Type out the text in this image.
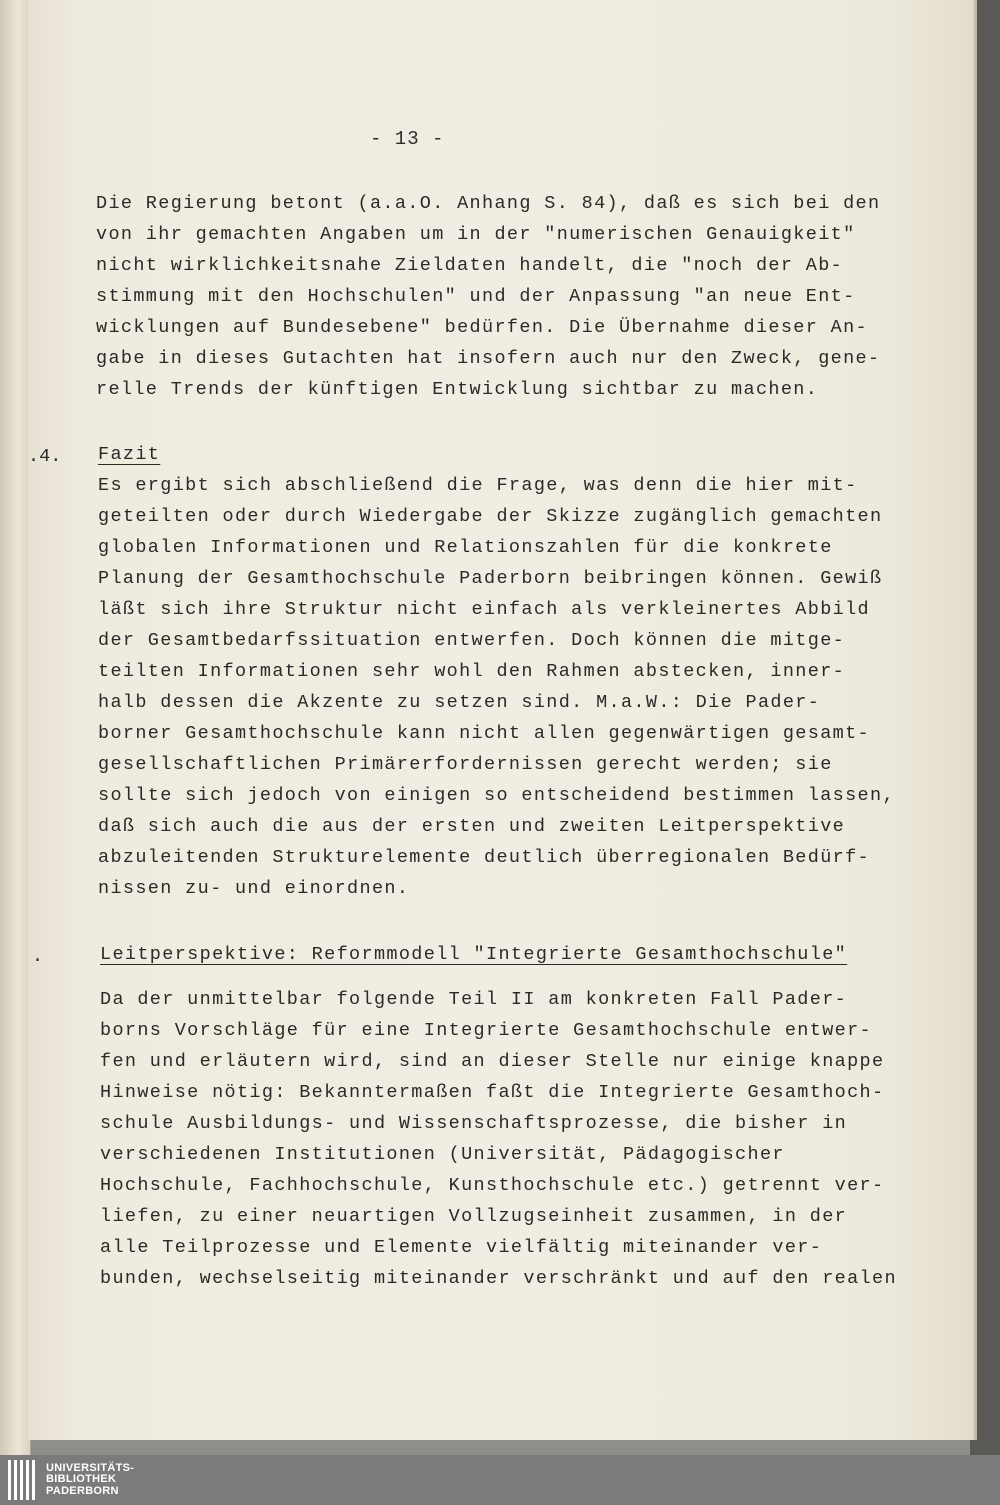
- 13 -
Die Regierung betont (a.a.O. Anhang S. 84), daß es sich bei den
von ihr gemachten Angaben um in der "numerischen Genauigkeit"
nicht wirklichkeitsnahe Zieldaten handelt, die "noch der Ab-
stimmung mit den Hochschulen" und der Anpassung "an neue Ent-
wicklungen auf Bundesebene" bedürfen. Die Übernahme dieser An-
gabe in dieses Gutachten hat insofern auch nur den Zweck, gene-
relle Trends der künftigen Entwicklung sichtbar zu machen.
.4. Fazit
Es ergibt sich abschließend die Frage, was denn die hier mit-
geteilten oder durch Wiedergabe der Skizze zugänglich gemachten
globalen Informationen und Relationszahlen für die konkrete
Planung der Gesamthochschule Paderborn beibringen können. Gewiß
läßt sich ihre Struktur nicht einfach als verkleinertes Abbild
der Gesamtbedarfssituation entwerfen. Doch können die mitge-
teilten Informationen sehr wohl den Rahmen abstecken, inner-
halb dessen die Akzente zu setzen sind. M.a.W.: Die Pader-
borner Gesamthochschule kann nicht allen gegenwärtigen gesamt-
gesellschaftlichen Primärerfordernissen gerecht werden; sie
sollte sich jedoch von einigen so entscheidend bestimmen lassen,
daß sich auch die aus der ersten und zweiten Leitperspektive
abzuleitenden Strukturelemente deutlich überregionalen Bedürf-
nissen zu- und einordnen.
.	Leitperspektive: Reformmodell "Integrierte Gesamthochschule"
Da der unmittelbar folgende Teil II am konkreten Fall Pader-
borns Vorschläge für eine Integrierte Gesamthochschule entwer-
fen und erläutern wird, sind an dieser Stelle nur einige knappe
Hinweise nötig: Bekanntermaßen faßt die Integrierte Gesamthoch-
schule Ausbildungs- und Wissenschaftsprozesse, die bisher in
verschiedenen Institutionen (Universität, Pädagogischer
Hochschule, Fachhochschule, Kunsthochschule etc.) getrennt ver-
liefen, zu einer neuartigen Vollzugseinheit zusammen, in der
alle Teilprozesse und Elemente vielfältig miteinander ver-
bunden, wechselseitig miteinander verschränkt und auf den realen
UNIVERSITÄTS-
BIBLIOTHEK
PADERBORN
